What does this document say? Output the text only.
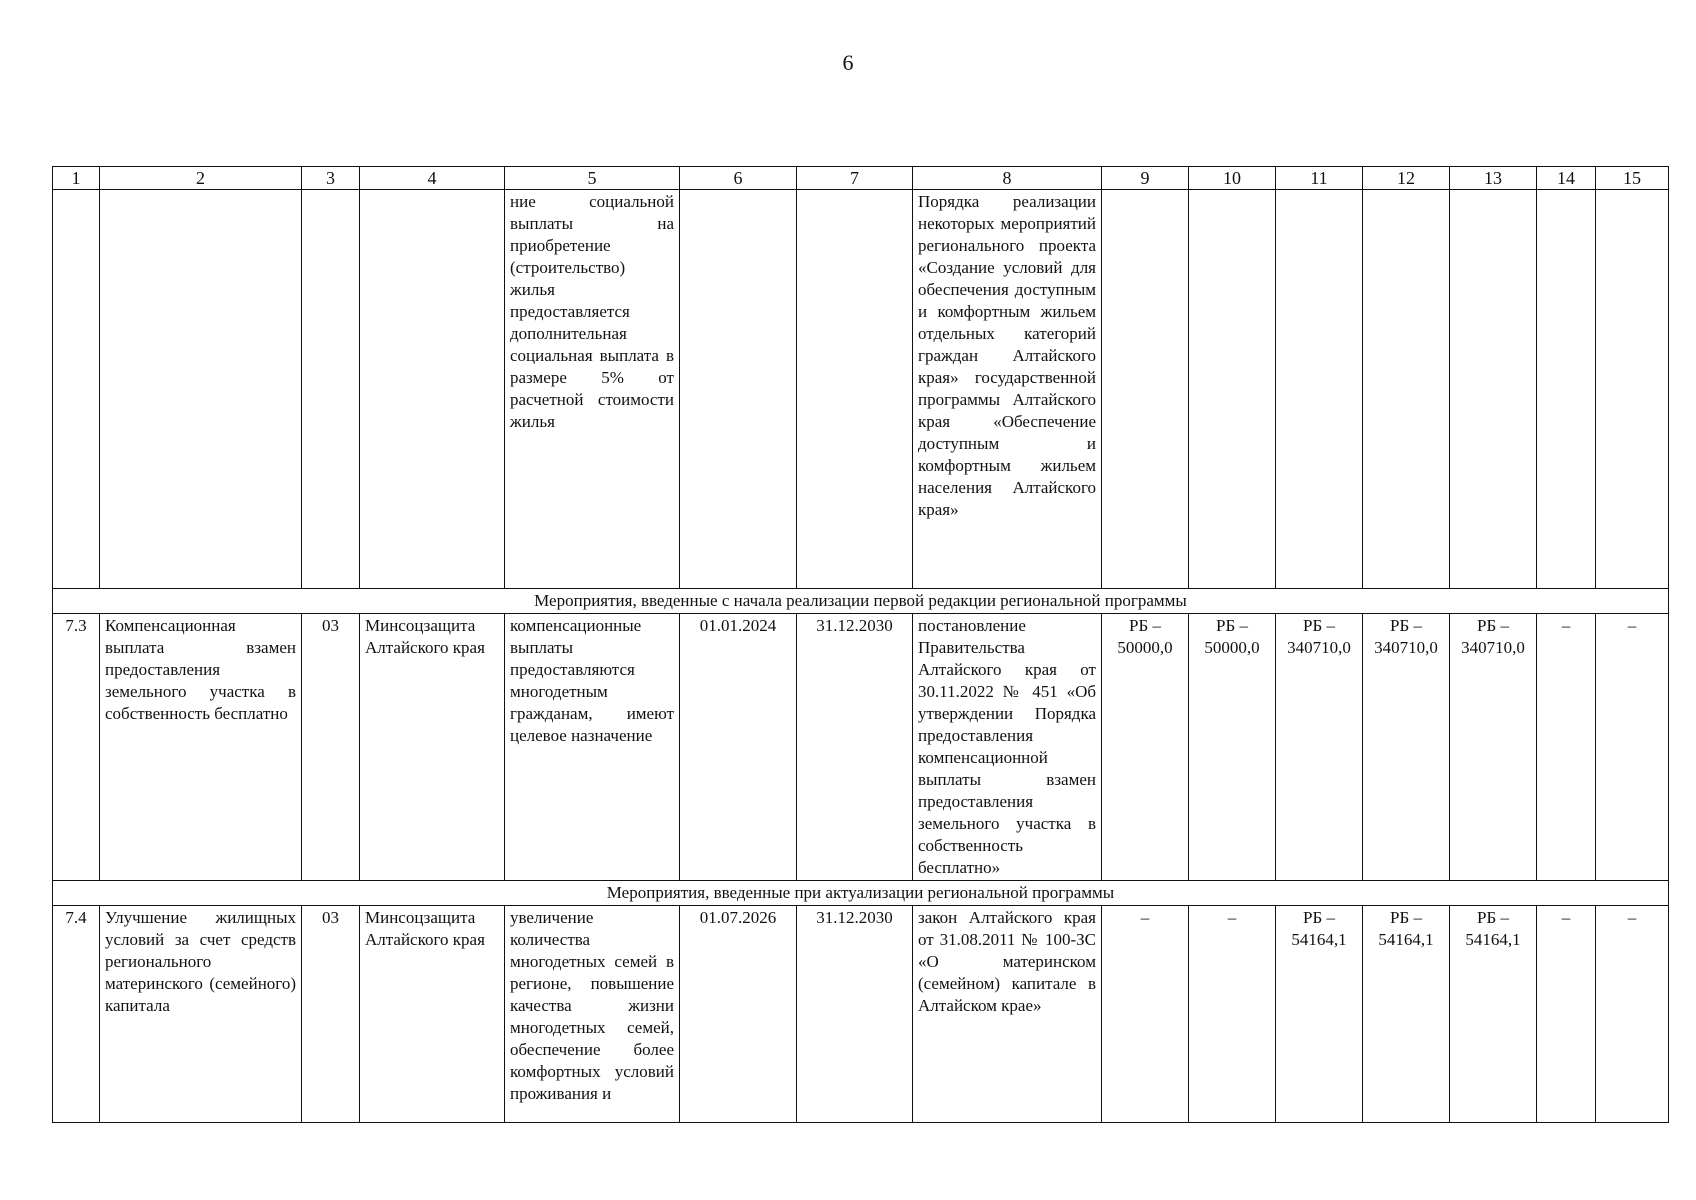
6
1	2	3	4	5	6	7	8	9	10	11	12	13	14	15
				ние социальной выплаты на приобретение (строительство) жилья предоставляется дополнительная социальная выплата в размере 5% от расчетной стоимости жилья			Порядка реализации некоторых мероприятий регионального проекта «Создание условий для обеспечения доступным и комфортным жильем отдельных категорий граждан Алтайского края» государственной программы Алтайского края «Обеспечение доступным и комфортным жильем населения Алтайского края»							
Мероприятия, введенные с начала реализации первой редакции региональной программы														
7.3	Компенсационная выплата взамен предоставления земельного участка в собственность бесплатно	03	Минсоцзащита Алтайского края	компенсационные выплаты предоставляются многодетным гражданам, имеют целевое назначение	01.01.2024	31.12.2030	постановление Правительства Алтайского края от 30.11.2022 № 451 «Об утверждении Порядка предоставления компенсационной выплаты взамен предоставления земельного участка в собственность бесплатно»	РБ – 50000,0	РБ – 50000,0	РБ – 340710,0	РБ – 340710,0	РБ – 340710,0	–	–
Мероприятия, введенные при актуализации региональной программы														
7.4	Улучшение жилищных условий за счет средств регионального материнского (семейного) капитала	03	Минсоцзащита Алтайского края	увеличение количества многодетных семей в регионе, повышение качества жизни многодетных семей, обеспечение более комфортных условий проживания и	01.07.2026	31.12.2030	закон Алтайского края от 31.08.2011 № 100-ЗС «О материнском (семейном) капитале в Алтайском крае»	–	–	РБ – 54164,1	РБ – 54164,1	РБ – 54164,1	–	–
